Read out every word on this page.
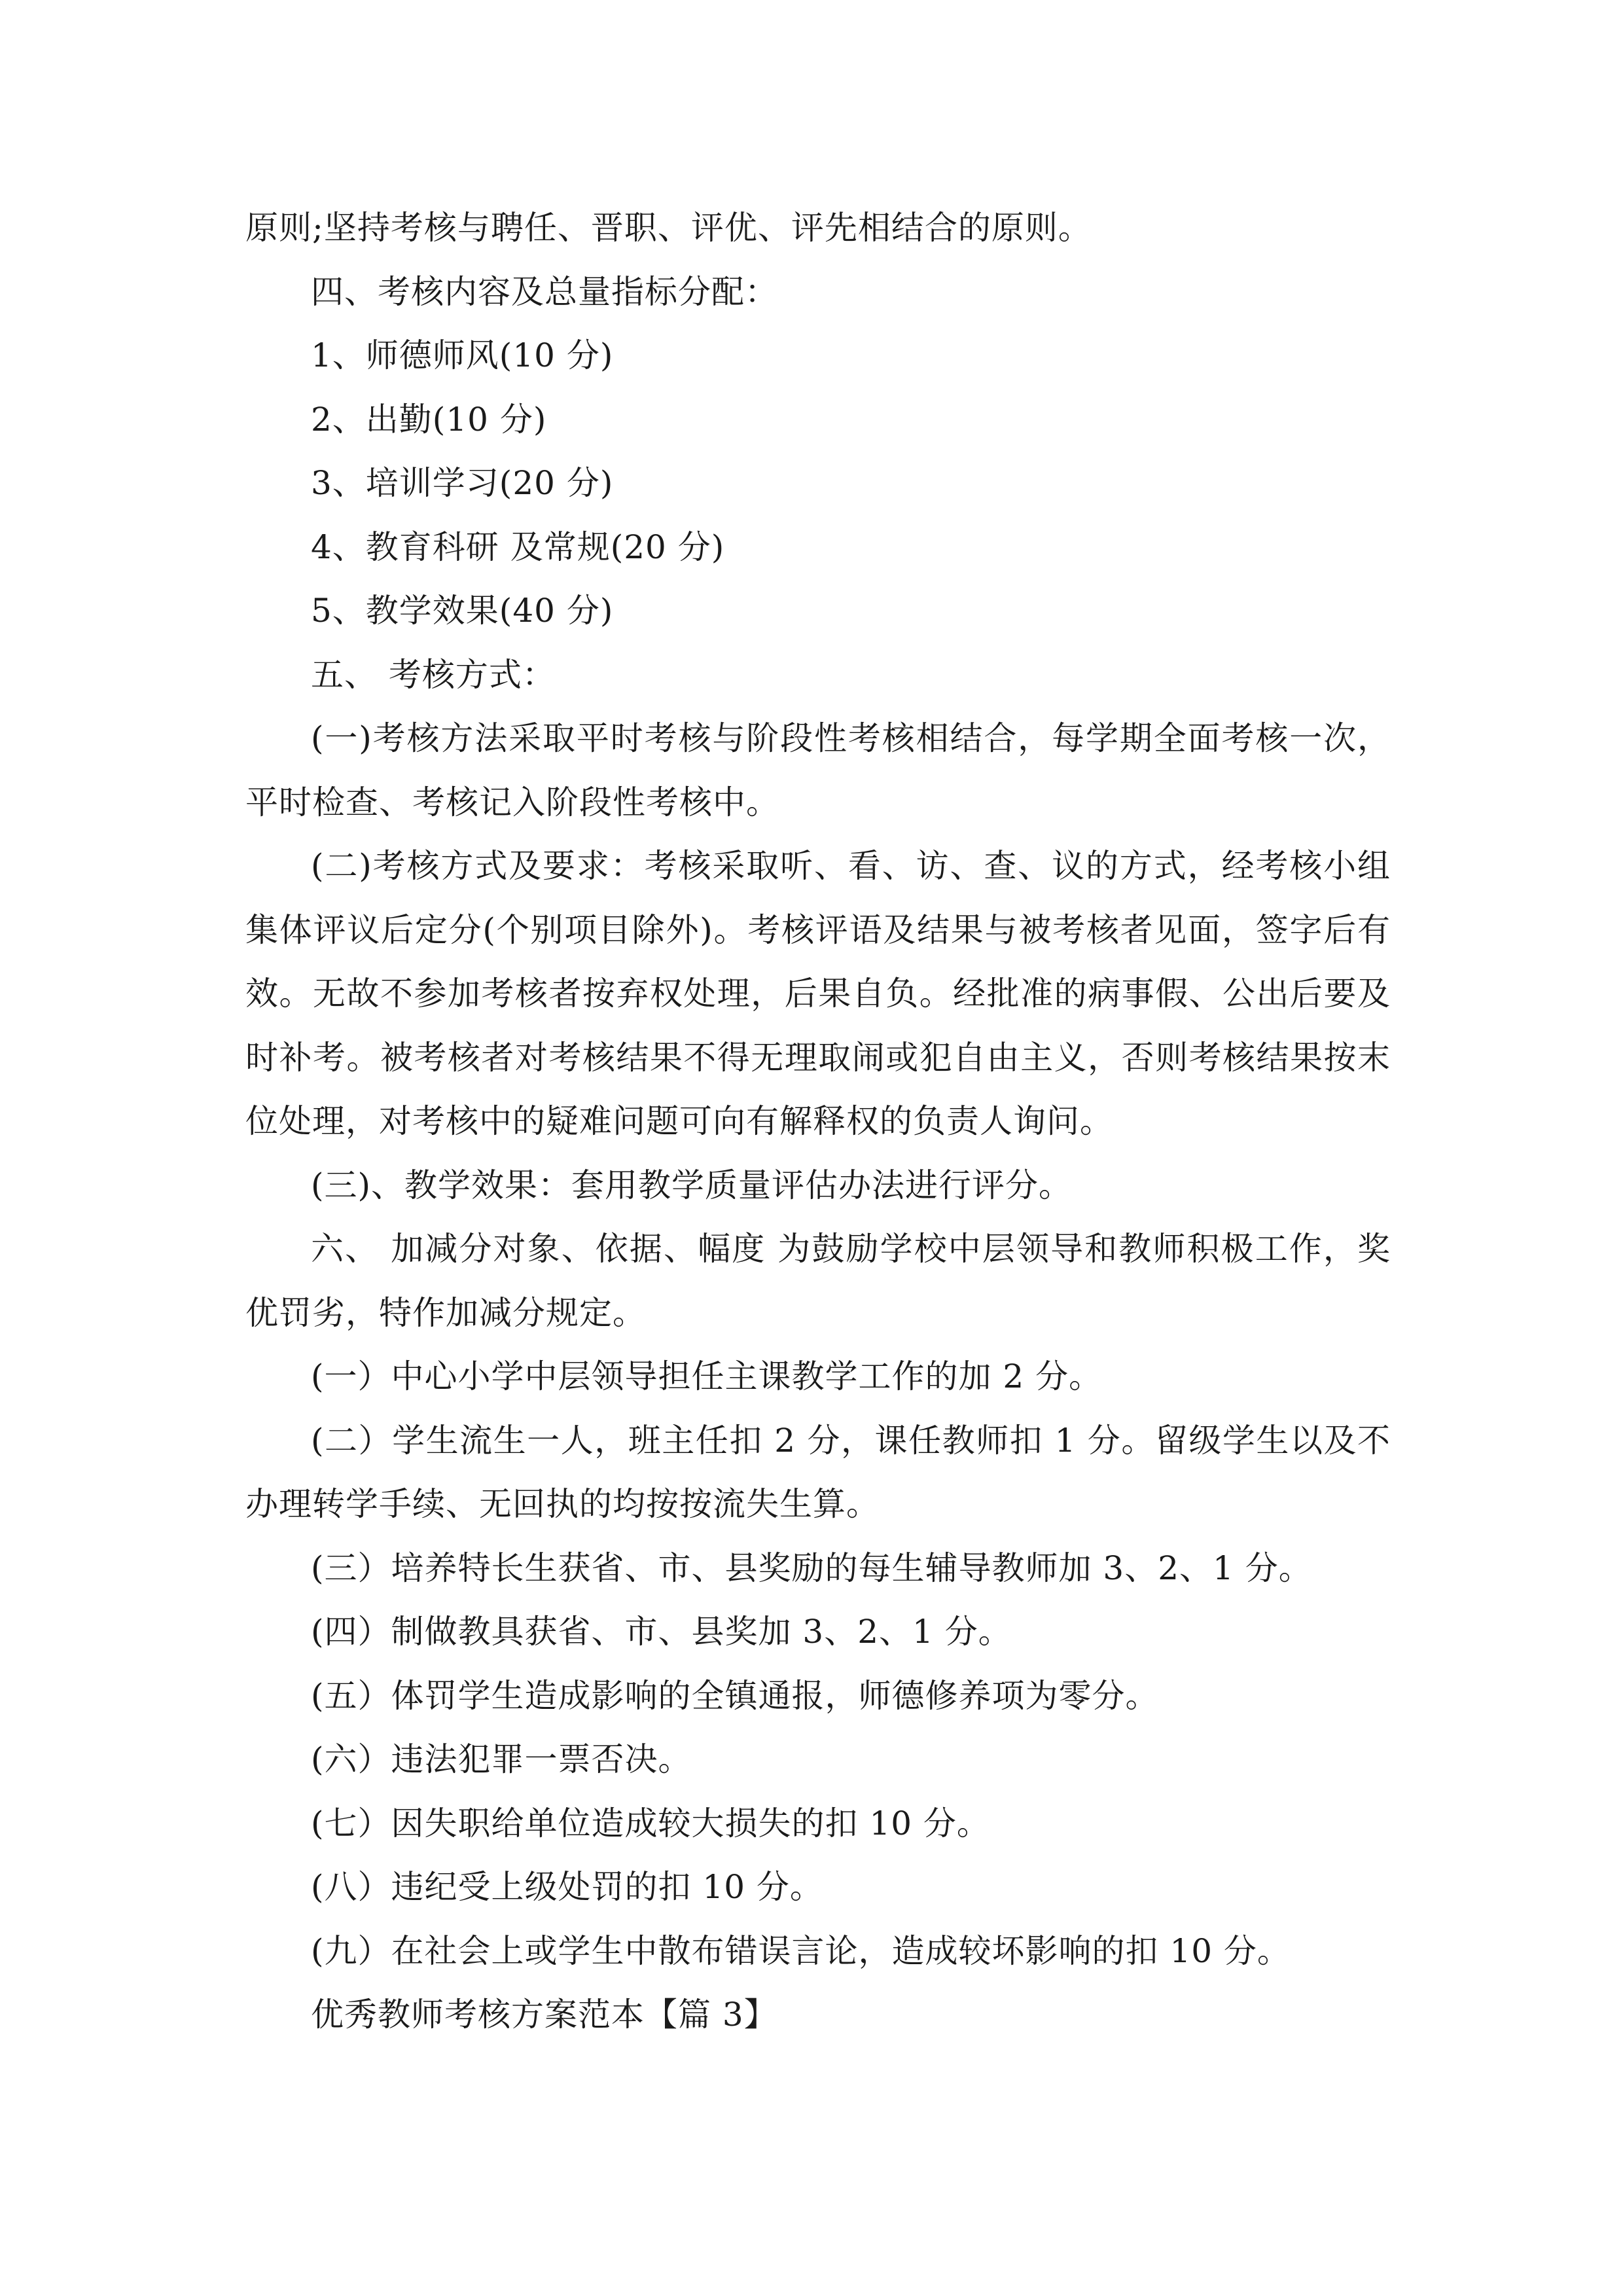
原则;坚持考核与聘任、晋职、评优、评先相结合的原则。

四、考核内容及总量指标分配：

1、师德师风(10 分)

2、出勤(10 分)

3、培训学习(20 分)

4、教育科研 及常规(20 分)

5、教学效果(40 分)

五、 考核方式：

(一)考核方法采取平时考核与阶段性考核相结合，每学期全面考核一次，平时检查、考核记入阶段性考核中。

(二)考核方式及要求：考核采取听、看、访、查、议的方式，经考核小组集体评议后定分(个别项目除外)。考核评语及结果与被考核者见面，签字后有效。无故不参加考核者按弃权处理，后果自负。经批准的病事假、公出后要及时补考。被考核者对考核结果不得无理取闹或犯自由主义，否则考核结果按末位处理，对考核中的疑难问题可向有解释权的负责人询问。

(三)、教学效果：套用教学质量评估办法进行评分。

六、 加减分对象、依据、幅度 为鼓励学校中层领导和教师积极工作，奖优罚劣，特作加减分规定。

(一）中心小学中层领导担任主课教学工作的加 2 分。

(二）学生流生一人，班主任扣 2 分，课任教师扣 1 分。留级学生以及不办理转学手续、无回执的均按按流失生算。

(三）培养特长生获省、市、县奖励的每生辅导教师加 3、2、1 分。

(四）制做教具获省、市、县奖加 3、2、1 分。

(五）体罚学生造成影响的全镇通报，师德修养项为零分。

(六）违法犯罪一票否决。

(七）因失职给单位造成较大损失的扣 10 分。

(八）违纪受上级处罚的扣 10 分。

(九）在社会上或学生中散布错误言论，造成较坏影响的扣 10 分。

优秀教师考核方案范本【篇 3】
